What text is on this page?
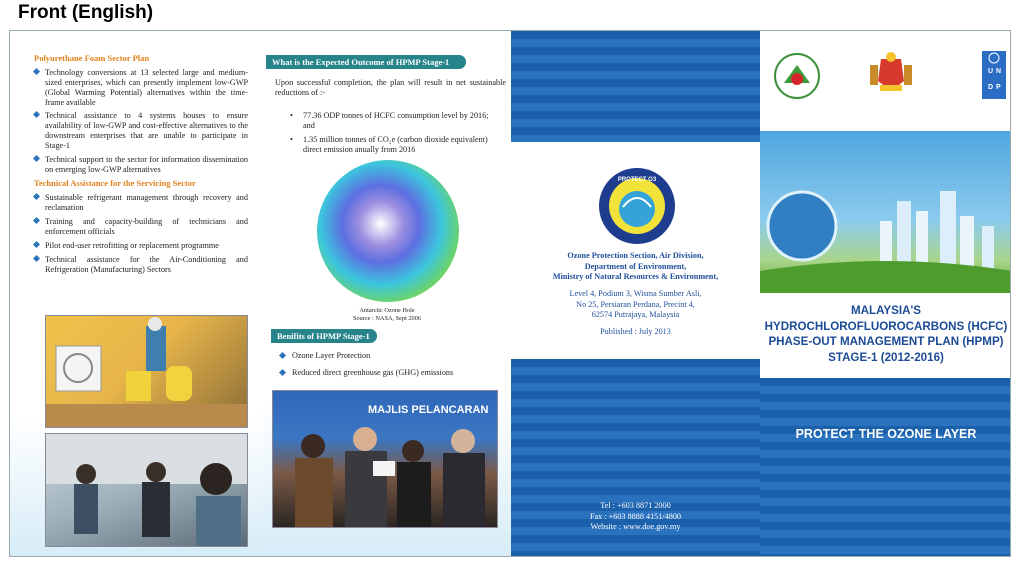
Front (English)
Polyurethane Foam Sector Plan
Technology conversions at 13 selected large and medium-sized enterprises, which can presently implement low-GWP (Global Warming Potential) alternatives within the time-frame available
Technical assistance to 4 systems houses to ensure availability of low-GWP and cost-effective alternatives to the downstream enterprises that are unable to participate in Stage-1
Technical support to the sector for information dissemination on emerging low-GWP alternatives
Technical Assistance for the Servicing Sector
Sustainable refrigerant management through recovery and reclamation
Training and capacity-building of technicians and enforcement officials
Pilot end-user retrofitting or replacement programme
Technical assistance for the Air-Conditioning and Refrigeration (Manufacturing) Sectors
What is the Expected Outcome of HPMP Stage-1
Upon successful completion, the plan will result in net sustainable reductions of :-
• 77.36 ODP tonnes of HCFC consumption level by 2016; and
• 1.35 million tonnes of CO₂e (carbon dioxide equivalent) direct emission anually from 2016
Antarctic Ozone Hole
Source : NASA, Sept 2006
Benifits of HPMP Stage-1
Ozone Layer Protection
Reduced direct greenhouse gas (GHG) emissions
MAJLIS PELANCARAN
PROTECT O3
Ozone Protection Section, Air Division,
Department of Environment,
Ministry of Natural Resources & Environment,
Level 4, Podium 3, Wisma Sumber Asli,
No 25, Persiaran Perdana, Precint 4,
62574 Putrajaya, Malaysia
Published : July 2013
Tel : +603 8871 2000
Fax : +603 8888 4151/4800
Website : www.doe.gov.my
U N
D P
MALAYSIA'S
HYDROCHLOROFLUOROCARBONS (HCFC)
PHASE-OUT MANAGEMENT PLAN (HPMP)
STAGE-1 (2012-2016)
PROTECT THE OZONE LAYER
